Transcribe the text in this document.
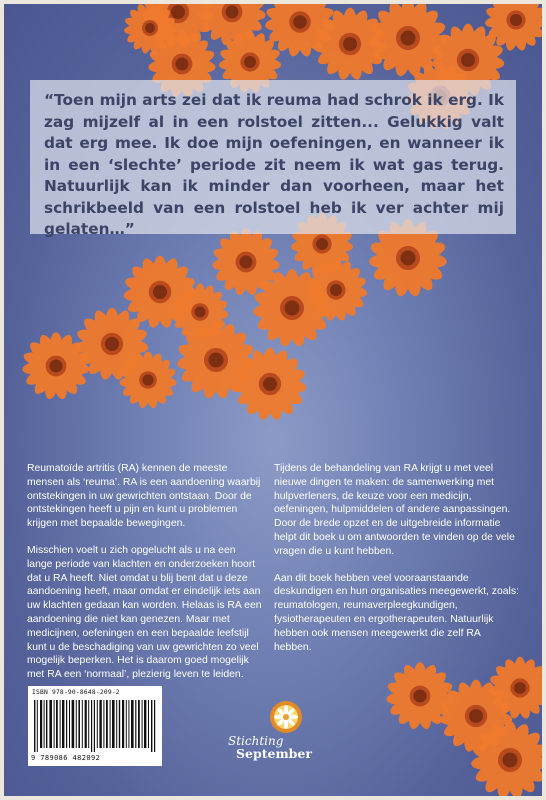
“Toen mijn arts zei dat ik reuma had schrok ik erg. Ik zag mijzelf al in een rolstoel zitten... Gelukkig valt dat erg mee. Ik doe mijn oefeningen, en wanneer ik in een ‘slechte’ periode zit neem ik wat gas terug. Natuurlijk kan ik minder dan voorheen, maar het schrikbeeld van een rolstoel heb ik ver achter mij gelaten…”

Reumatoïde artritis (RA) kennen de meeste mensen als ‘reuma’. RA is een aandoening waarbij ontstekingen in uw gewrichten ontstaan. Door de ontstekingen heeft u pijn en kunt u problemen krijgen met bepaalde bewegingen.

Misschien voelt u zich opgelucht als u na een lange periode van klachten en onderzoeken hoort dat u RA heeft. Niet omdat u blij bent dat u deze aandoening heeft, maar omdat er eindelijk iets aan uw klachten gedaan kan worden. Helaas is RA een aandoening die niet kan genezen. Maar met medicijnen, oefeningen en een bepaalde leefstijl kunt u de beschadiging van uw gewrichten zo veel mogelijk beperken. Het is daarom goed mogelijk met RA een ‘normaal’, plezierig leven te leiden.

Tijdens de behandeling van RA krijgt u met veel nieuwe dingen te maken: de samenwerking met hulpverleners, de keuze voor een medicijn, oefeningen, hulpmiddelen of andere aanpassingen. Door de brede opzet en de uitgebreide informatie helpt dit boek u om antwoorden te vinden op de vele vragen die u kunt hebben.

Aan dit boek hebben veel vooraanstaande deskundigen en hun organisaties meegewerkt, zoals: reumatologen, reumaverpleegkundigen, fysiotherapeuten en ergotherapeuten. Natuurlijk hebben ook mensen meegewerkt die zelf RA hebben.

ISBN 978-90-8648-209-2
9 789086 482092
Stichting
September
